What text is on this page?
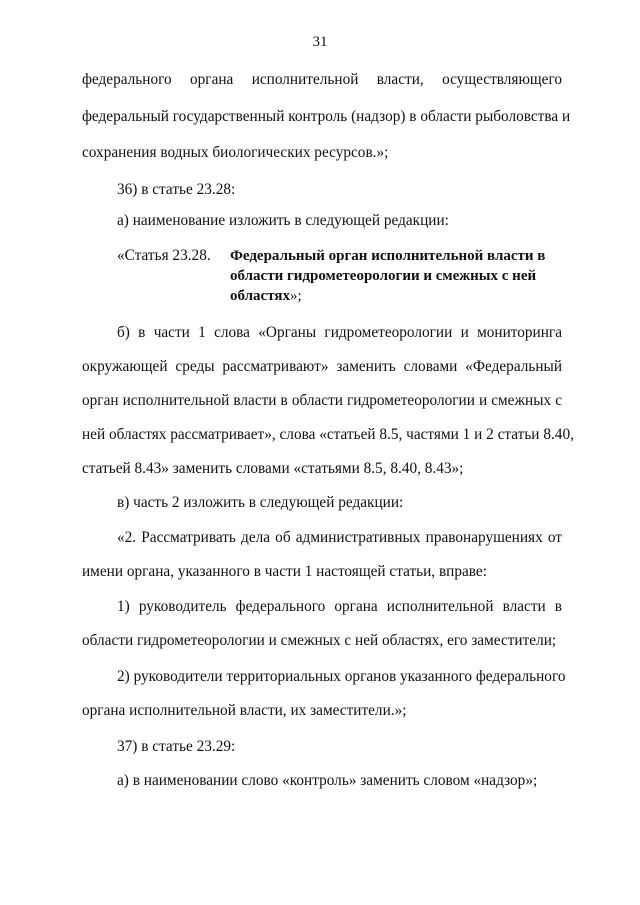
31
федерального органа исполнительной власти, осуществляющего
федеральный государственный контроль (надзор) в области рыболовства и
сохранения водных биологических ресурсов.»;
36) в статье 23.28:
а) наименование изложить в следующей редакции:
«Статья 23.28.	Федеральный орган исполнительной власти в
области гидрометеорологии и смежных с ней
областях»;
б) в части 1 слова «Органы гидрометеорологии и мониторинга
окружающей среды рассматривают» заменить словами «Федеральный
орган исполнительной власти в области гидрометеорологии и смежных с
ней областях рассматривает», слова «статьей 8.5, частями 1 и 2 статьи 8.40,
статьей 8.43» заменить словами «статьями 8.5, 8.40, 8.43»;
в) часть 2 изложить в следующей редакции:
«2. Рассматривать дела об административных правонарушениях от
имени органа, указанного в части 1 настоящей статьи, вправе:
1) руководитель федерального органа исполнительной власти в
области гидрометеорологии и смежных с ней областях, его заместители;
2) руководители территориальных органов указанного федерального
органа исполнительной власти, их заместители.»;
37) в статье 23.29:
а) в наименовании слово «контроль» заменить словом «надзор»;
